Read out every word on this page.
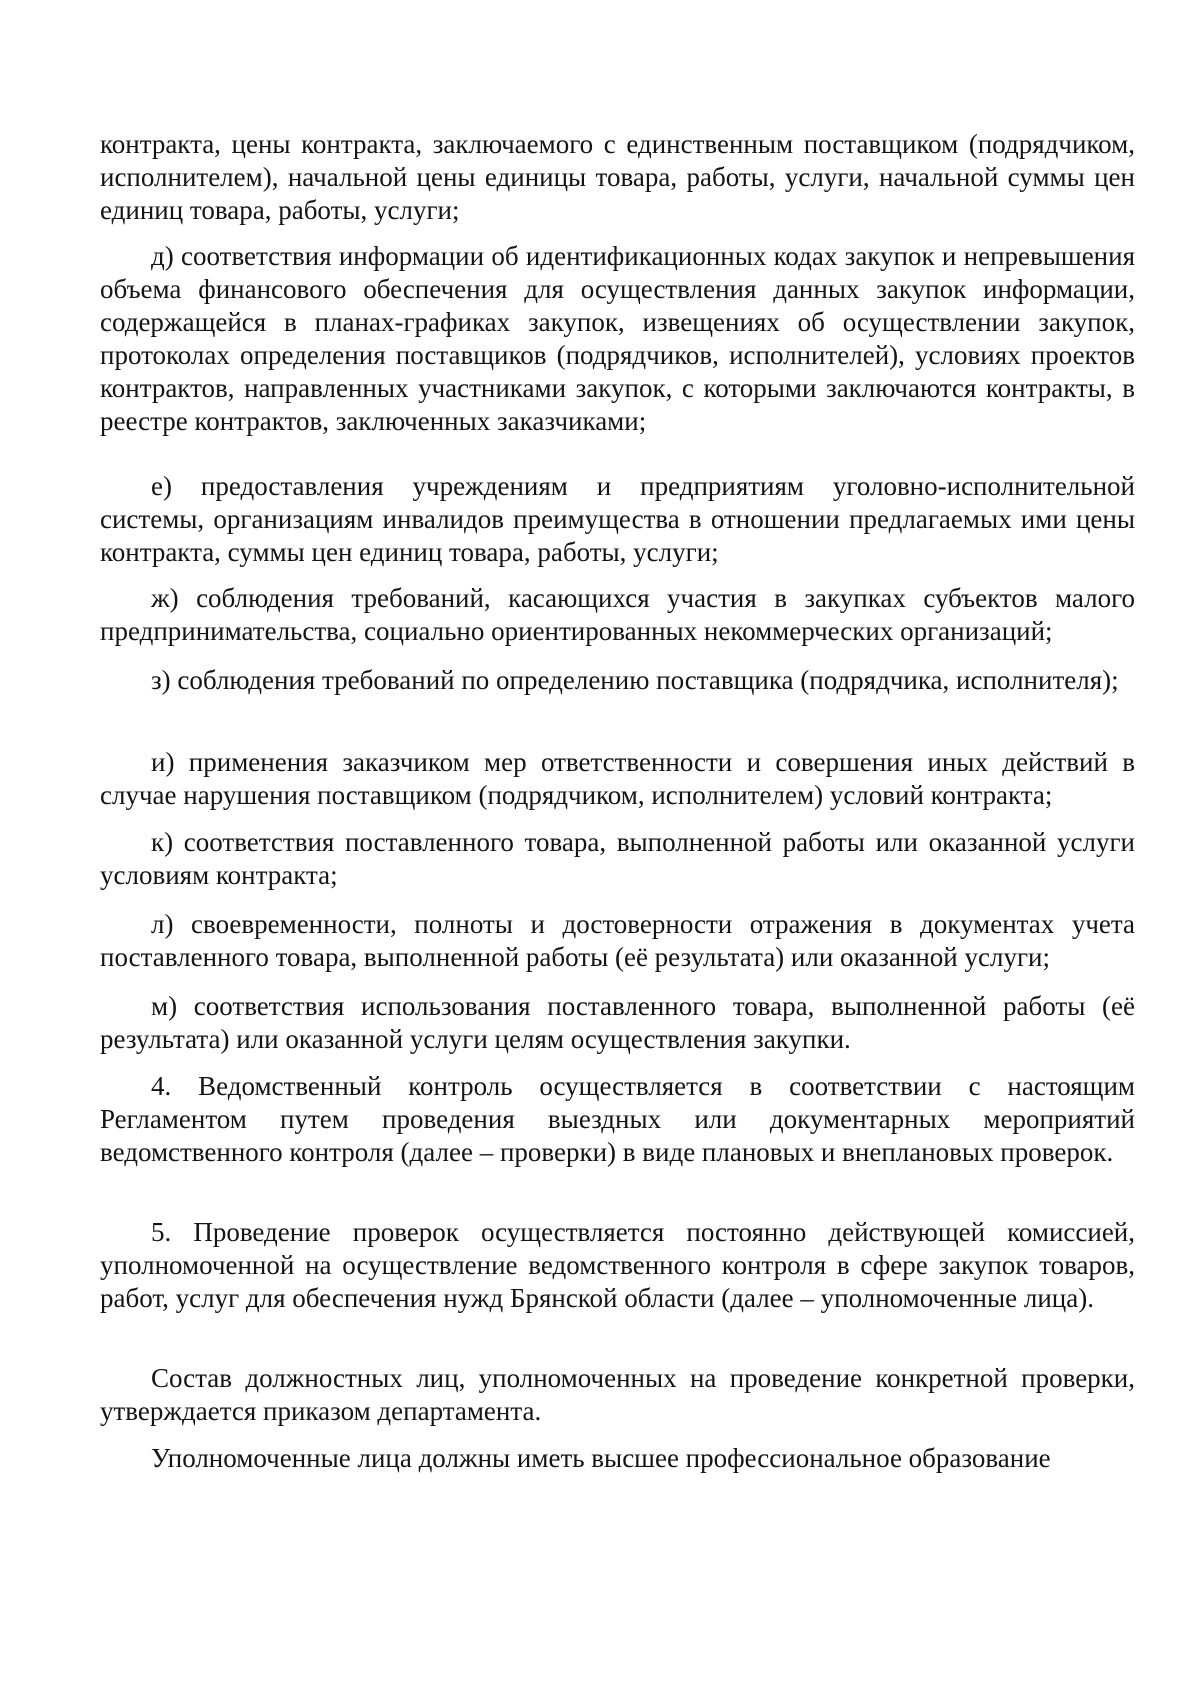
контракта, цены контракта, заключаемого с единственным поставщиком (подрядчиком, исполнителем), начальной цены единицы товара, работы, услуги, начальной суммы цен единиц товара, работы, услуги;

д) соответствия информации об идентификационных кодах закупок и непревышения объема финансового обеспечения для осуществления данных закупок информации, содержащейся в планах-графиках закупок, извещениях об осуществлении закупок, протоколах определения поставщиков (подрядчиков, исполнителей), условиях проектов контрактов, направленных участниками закупок, с которыми заключаются контракты, в реестре контрактов, заключенных заказчиками;

е) предоставления учреждениям и предприятиям уголовно-исполнительной системы, организациям инвалидов преимущества в отношении предлагаемых ими цены контракта, суммы цен единиц товара, работы, услуги;

ж) соблюдения требований, касающихся участия в закупках субъектов малого предпринимательства, социально ориентированных некоммерческих организаций;

з) соблюдения требований по определению поставщика (подрядчика, исполнителя);

и) применения заказчиком мер ответственности и совершения иных действий в случае нарушения поставщиком (подрядчиком, исполнителем) условий контракта;

к) соответствия поставленного товара, выполненной работы или оказанной услуги условиям контракта;

л) своевременности, полноты и достоверности отражения в документах учета поставленного товара, выполненной работы (её результата) или оказанной услуги;

м) соответствия использования поставленного товара, выполненной работы (её результата) или оказанной услуги целям осуществления закупки.

4. Ведомственный контроль осуществляется в соответствии с настоящим Регламентом путем проведения выездных или документарных мероприятий ведомственного контроля (далее – проверки) в виде плановых и внеплановых проверок.

5. Проведение проверок осуществляется постоянно действующей комиссией, уполномоченной на осуществление ведомственного контроля в сфере закупок товаров, работ, услуг для обеспечения нужд Брянской области (далее – уполномоченные лица).

Состав должностных лиц, уполномоченных на проведение конкретной проверки, утверждается приказом департамента.

Уполномоченные лица должны иметь высшее профессиональное образование
